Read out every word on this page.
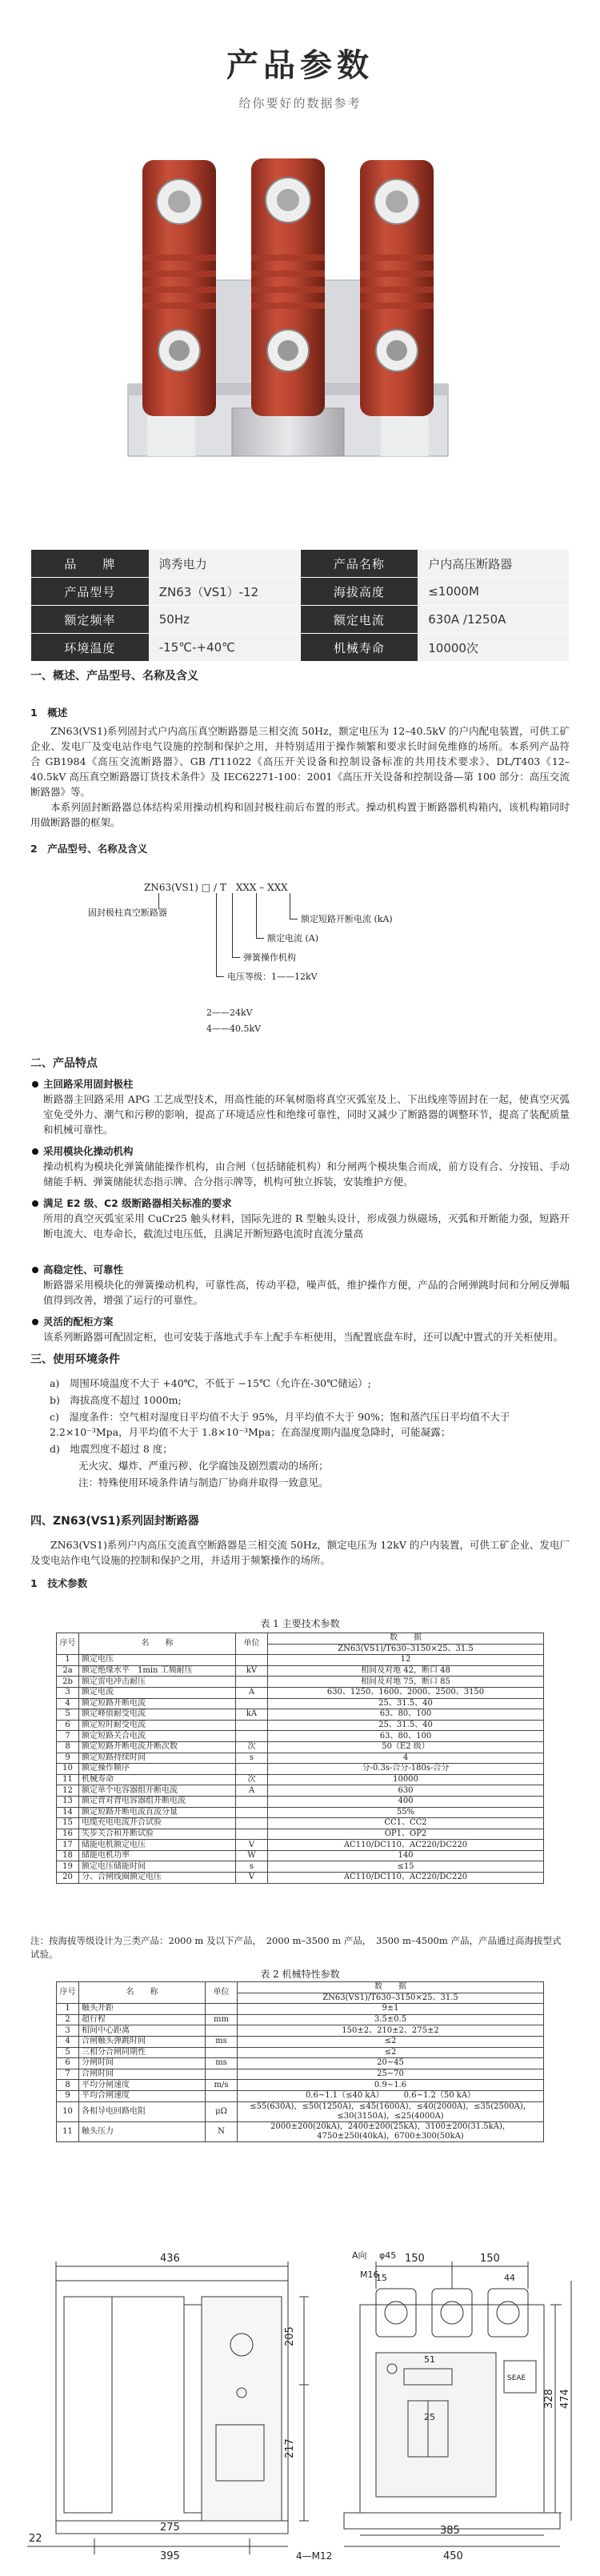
产品参数
给你要好的数据参考
品　　牌	鸿秀电力	产品名称	户内高压断路器
产品型号	ZN63（VS1）-12	海拔高度	≤1000M
额定频率	50Hz	额定电流	630A /1250A
环境温度	-15℃-+40℃	机械寿命	10000次
一、概述、产品型号、名称及含义
1　概述
ZN63(VS1)系列固封式户内高压真空断路器是三相交流 50Hz，额定电压为 12–40.5kV 的户内配电装置，可供工矿企业、发电厂及变电站作电气设施的控制和保护之用，并特别适用于操作频繁和要求长时间免维修的场所。本系列产品符合 GB1984《高压交流断路器》、GB /T11022《高压开关设备和控制设备标准的共用技术要求》、DL/T403《12–40.5kV 高压真空断路器订货技术条件》及 IEC62271-100：2001《高压开关设备和控制设备—第 100 部分：高压交流断路器》等。
本系列固封断路器总体结构采用操动机构和固封极柱前后布置的形式。操动机构置于断路器机构箱内，该机构箱同时用做断路器的框架。
2　产品型号、名称及含义
ZN63(VS1) □ / T　XXX – XXX
固封极柱真空断路器
额定短路开断电流 (kA)
额定电流 (A)
弹簧操作机构
电压等级：1——12kV
2——24kV
4——40.5kV
二、产品特点
主回路采用固封极柱
断路器主回路采用 APG 工艺成型技术，用高性能的环氧树脂将真空灭弧室及上、下出线座等固封在一起，使真空灭弧室免受外力、潮气和污秽的影响，提高了环境适应性和绝缘可靠性，同时又减少了断路器的调整环节，提高了装配质量和机械可靠性。
采用模块化操动机构
操动机构为模块化弹簧储能操作机构，由合闸（包括储能机构）和分闸两个模块集合而成，前方设有合、分按钮、手动储能手柄、弹簧储能状态指示牌、合分指示牌等，机构可独立拆装，安装维护方便。
满足 E2 级、C2 级断路器相关标准的要求
所用的真空灭弧室采用 CuCr25 触头材料，国际先进的 R 型触头设计，形成强力纵磁场，灭弧和开断能力强，短路开断电流大、电寿命长，截流过电压低，且满足开断短路电流时直流分量高
高稳定性、可靠性
断路器采用模块化的弹簧操动机构，可靠性高，传动平稳，噪声低，维护操作方便，产品的合闸弹跳时间和分闸反弹幅值得到改善，增强了运行的可靠性。
灵活的配柜方案
该系列断路器可配固定柜，也可安装于落地式手车上配手车柜使用，当配置底盘车时，还可以配中置式的开关柜使用。
三、使用环境条件
a)　周围环境温度不大于 +40℃，不低于 −15℃（允许在-30℃储运）;
b)　海拔高度不超过 1000m;
c)　湿度条件：空气相对湿度日平均值不大于 95%，月平均值不大于 90%；饱和蒸汽压日平均值不大于 2.2×10⁻³Mpa，月平均值不大于 1.8×10⁻³Mpa；在高湿度期内温度急降时，可能凝露；
d)　地震烈度不超过 8 度；
无火灾、爆炸、严重污秽、化学腐蚀及剧烈震动的场所；
注：特殊使用环境条件请与制造厂协商并取得一致意见。
四、ZN63(VS1)系列固封断路器
ZN63(VS1)系列户内高压交流真空断路器是三相交流 50Hz，额定电压为 12kV 的户内装置，可供工矿企业、发电厂及变电站作电气设施的控制和保护之用，并适用于频繁操作的场所。
1　技术参数
表 1 主要技术参数
序号	名　　称	单位	数　　据
			ZN63(VS1)/T630–3150×25、31.5
1	额定电压		12
2a	额定绝缘水平　1min 工频耐压	kV	相间及对地 42，断口 48
2b	额定雷电冲击耐压		相间及对地 75，断口 85
3	额定电流	A	630、1250、1600、2000、2500、3150
4	额定短路开断电流		25、31.5、40
5	额定峰值耐受电流	kA	63、80、100
6	额定短时耐受电流		25、31.5、40
7	额定短路关合电流		63、80、100
8	额定短路开断电流开断次数	次	50（E2 级）
9	额定短路持续时间	s	4
10	额定操作顺序		分-0.3s-合分-180s-合分
11	机械寿命	次	10000
12	额定单个电容器组开断电流	A	630
13	额定背对背电容器组开断电流		400
14	额定短路开断电流直流分量		55%
15	电缆充电电流开合试验		CC1、CC2
16	失步关合和开断试验		OP1、OP2
17	储能电机额定电压	V	AC110/DC110、AC220/DC220
18	储能电机功率	W	140
19	额定电压储能时间	s	≤15
20	分、合闸线圈额定电压	V	AC110/DC110、AC220/DC220
注：按海拔等级设计为三类产品：2000 m 及以下产品，　2000 m–3500 m 产品，　3500 m–4500m 产品，产品通过高海拔型式试验。
表 2 机械特性参数
序号	名　　称	单位	数　　据
			ZN63(VS1)/T630–3150×25、31.5
1	触头开距		9±1
2	超行程	mm	3.5±0.5
3	相间中心距离		150±2、210±2、275±2
4	合闸触头弹跳时间	ms	≤2
5	三相分合闸同期性		≤2
6	分闸时间	ms	20~45
7	合闸时间		25~70
8	平均分闸速度	m/s	0.9~1.6
9	平均合闸速度		0.6~1.1（≤40 kA）　　　0.6~1.2（50 kA）
10	各相导电回路电阻	μΩ	≤55(630A)，≤50(1250A)，≤45(1600A)，≤40(2000A)，≤35(2500A)，≤30(3150A)，≤25(4000A)
11	触头压力	N	2000±200(20kA)，2400±200(25kA)，3100±200(31.5kA)，4750±250(40kA)，6700±300(50kA)
436
275
395
22
205
217
150	150
15
A向 φ45
M16	44
51
25
SEAE
385
450
4—M12
328 474
